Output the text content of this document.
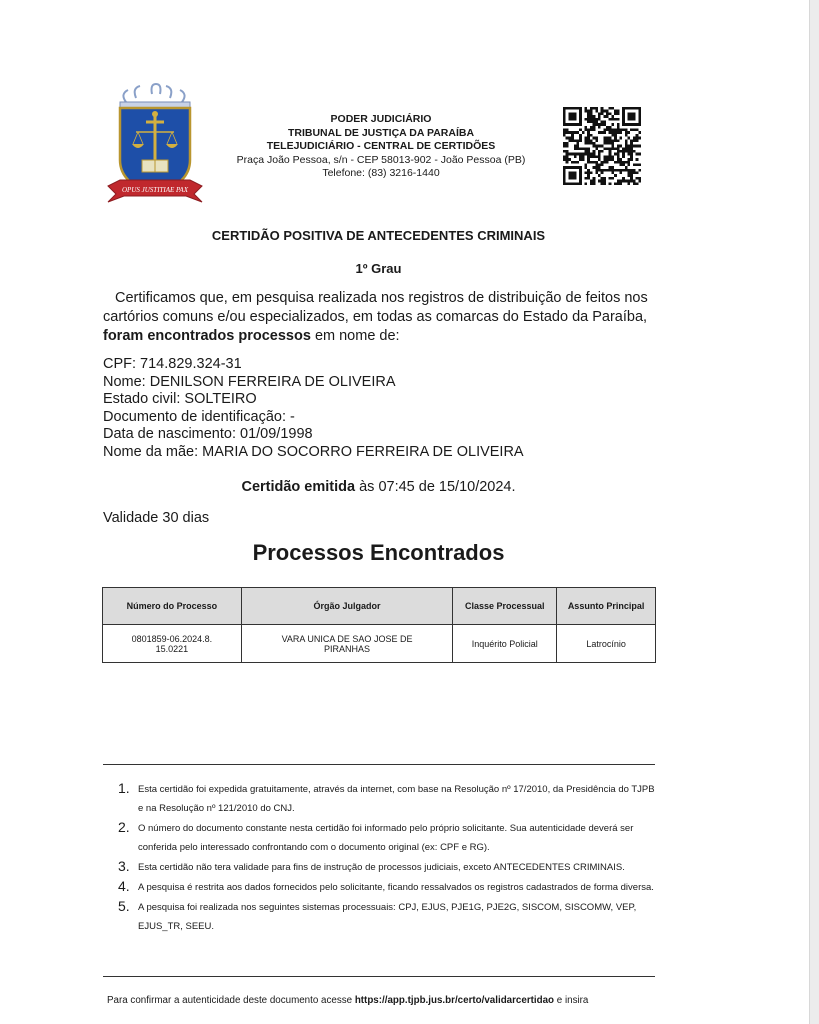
OPUS JUSTITIAE PAX
PODER JUDICIÁRIO
TRIBUNAL DE JUSTIÇA DA PARAÍBA
TELEJUDICIÁRIO - CENTRAL DE CERTIDÕES
Praça João Pessoa, s/n - CEP 58013-902 - João Pessoa (PB)
Telefone: (83) 3216-1440
CERTIDÃO POSITIVA DE ANTECEDENTES CRIMINAIS
1º Grau
Certificamos que, em pesquisa realizada nos registros de distribuição de feitos nos cartórios comuns e/ou especializados, em todas as comarcas do Estado da Paraíba, foram encontrados processos em nome de:
CPF: 714.829.324-31
Nome: DENILSON FERREIRA DE OLIVEIRA
Estado civil: SOLTEIRO
Documento de identificação: -
Data de nascimento: 01/09/1998
Nome da mãe: MARIA DO SOCORRO FERREIRA DE OLIVEIRA
Certidão emitida às 07:45 de 15/10/2024.
Validade 30 dias
Processos Encontrados
Número do Processo	Órgão Julgador	Classe Processual	Assunto Principal
0801859-06.2024.8.15.0221	VARA UNICA DE SAO JOSE DE PIRANHAS	Inquérito Policial	Latrocínio
1. Esta certidão foi expedida gratuitamente, através da internet, com base na Resolução nº 17/2010, da Presidência do TJPB e na Resolução nº 121/2010 do CNJ.
2. O número do documento constante nesta certidão foi informado pelo próprio solicitante. Sua autenticidade deverá ser conferida pelo interessado confrontando com o documento original (ex: CPF e RG).
3. Esta certidão não tera validade para fins de instrução de processos judiciais, exceto ANTECEDENTES CRIMINAIS.
4. A pesquisa é restrita aos dados fornecidos pelo solicitante, ficando ressalvados os registros cadastrados de forma diversa.
5. A pesquisa foi realizada nos seguintes sistemas processuais: CPJ, EJUS, PJE1G, PJE2G, SISCOM, SISCOMW, VEP, EJUS_TR, SEEU.
Para confirmar a autenticidade deste documento acesse https://app.tjpb.jus.br/certo/validarcertidao e insira
